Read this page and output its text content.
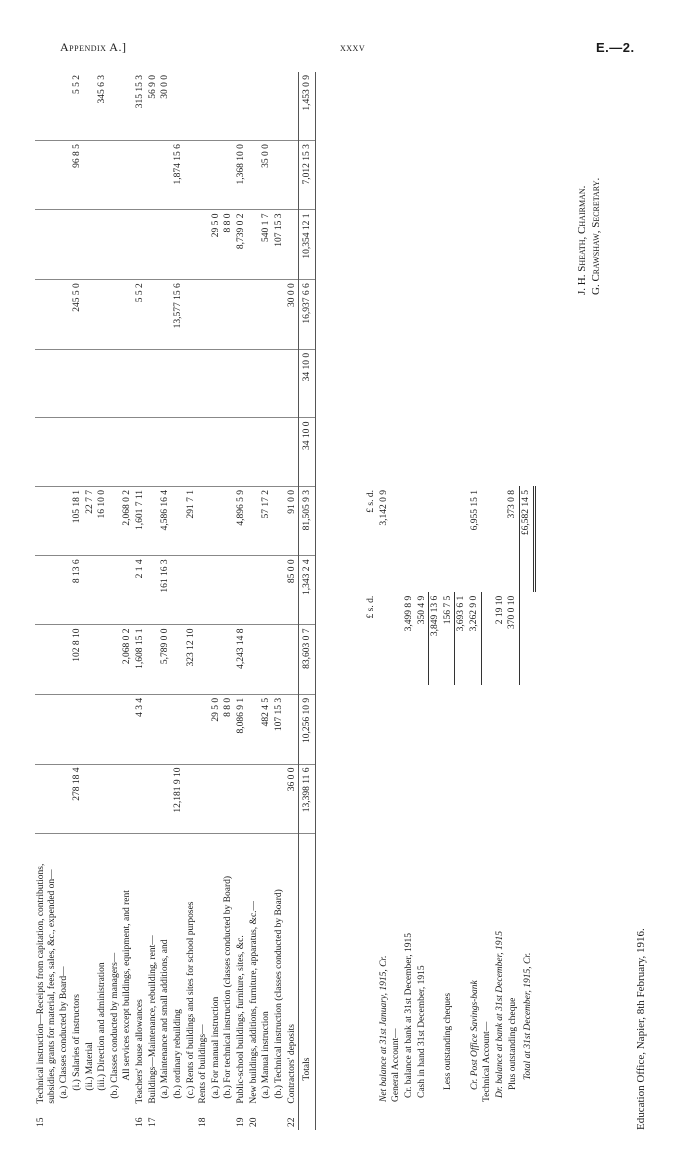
Appendix A.]	xxxv	E.—2.
15	Technical instruction—Receipts from capitation, contributions, subsidies, grants for material, fees, sales, &c., expended on—											
	(a.) Classes conducted by Board—											
	(i.) Salaries of instructors	278 18 4		102 8 10	8 13 6	105 18 1			245 5 0		96 8 5	5 5 2
	(ii.) Material					22 7 7						
	(iii.) Direction and administration					16 10 0						345 6 3
	(b.) Classes conducted by managers—											
	All services except buildings, equipment, and rent			2,068 0 2		2,068 0 2						
16	Teachers' house allowances		4 3 4	1,608 15 1	2 1 4	1,601 7 11			5 5 2			315 15 3
17	Buildings—Maintenance, rebuilding, rent—											56 9 0
	(a.) Maintenance and small additions, and			5,789 0 0	161 16 3	4,586 16 4						30 0 0
	(b.) ordinary rebuilding	12,181 9 10							13,577 15 6		1,874 15 6	
	(c.) Rents of buildings and sites for school purposes			323 12 10		291 7 1						
18	Rents of buildings—											
	(a.) For manual instruction		29 5 0							29 5 0		
	(b.) For technical instruction (classes conducted by Board)		8 8 0							8 8 0		
19	Public-school buildings, furniture, sites, &c.		8,086 9 1	4,243 14 8		4,896 5 9				8,739 0 2	1,368 10 0	
20	New buildings, additions, furniture, apparatus, &c.—											
	(a.) Manual instruction		482 4 5			57 17 2				540 1 7	35 0 0	
	(b.) Technical instruction (classes conducted by Board)		107 15 3							107 15 3		
22	Contractors' deposits	36 0 0			85 0 0	91 0 0			30 0 0			

	Totals	13,398 11 6	10,256 10 9	83,603 0 7	1,343 2 4	81,505 9 3	34 10 0	34 10 0	16,937 6 6	10,354 12 1	7,012 15 3	1,453 0 9
	£ s. d.	£ s. d.
Net balance at 31st January, 1915, Cr.		3,142 0 9
General Account—		
Cr. balance at bank at 31st December, 1915	3,499 8 9	
Cash in hand 31st December, 1915	350 4 9	
	3,849 13 6	
Less outstanding cheques	156 7 5	
	3,693 6 1	
Cr. Post Office Savings-bank	3,262 9 0	6,955 15 1
Technical Account—		
Dr. balance at bank at 31st December, 1915	2 19 10	
Plus outstanding cheque	370 0 10	373 0 8
Total at 31st December, 1915, Cr.		£6,582 14 5
Education Office, Napier, 8th February, 1916.
J. H. Sheath, Chairman. G. Crawshaw, Secretary.
